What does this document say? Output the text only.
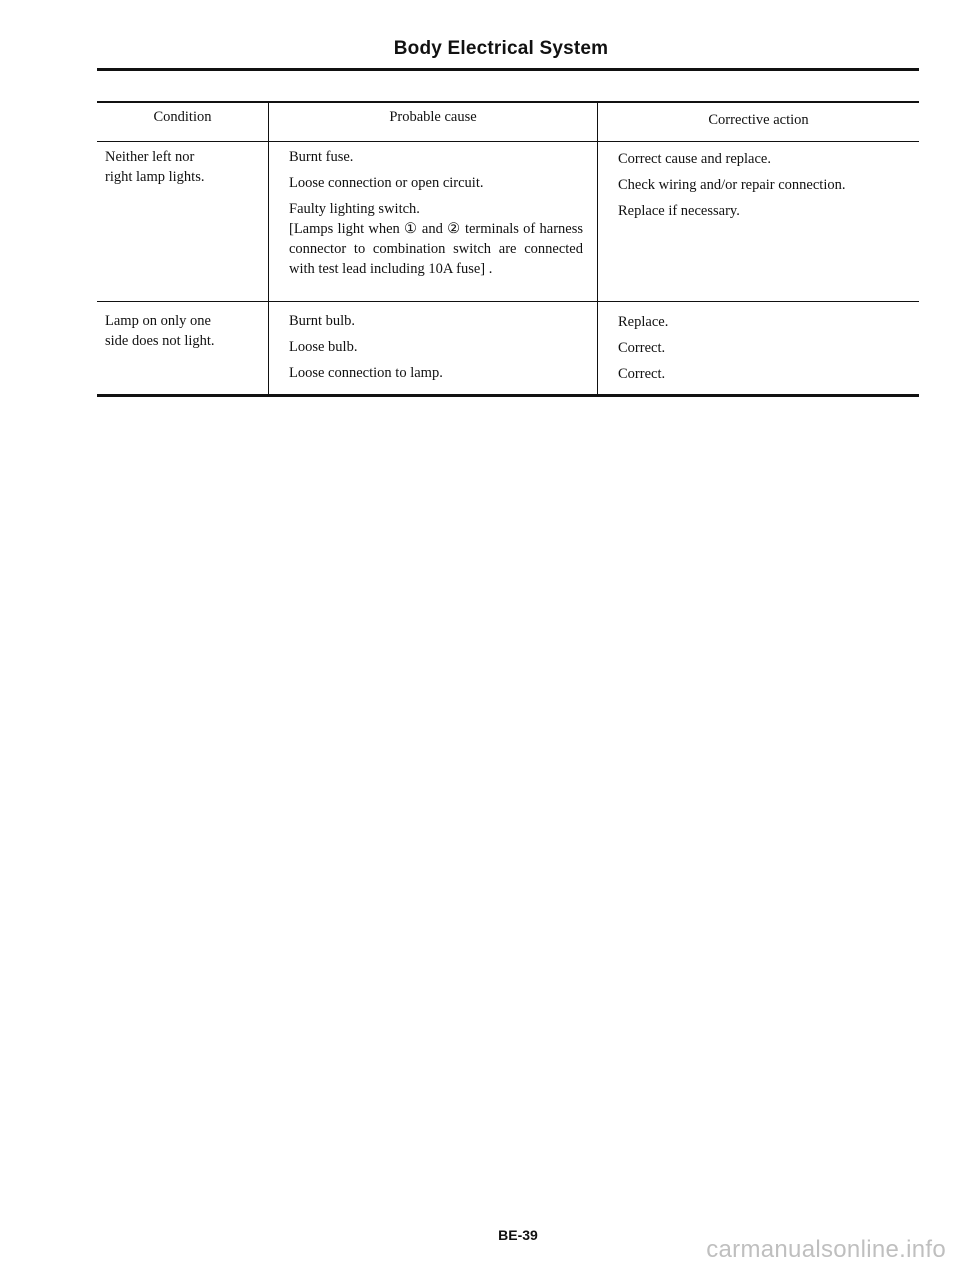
Body Electrical System
Condition	Probable cause	Corrective action
Neither left nor
right lamp lights.
Burnt fuse.
Loose connection or open circuit.
Faulty lighting switch.
[Lamps light when ① and ② terminals of harness connector to combination switch are connected with test lead including 10A fuse] .
Correct cause and replace.
Check wiring and/or repair connection.
Replace if necessary.
Lamp on only one
side does not light.
Burnt bulb.
Loose bulb.
Loose connection to lamp.
Replace.
Correct.
Correct.
BE-39
carmanualsonline.info
